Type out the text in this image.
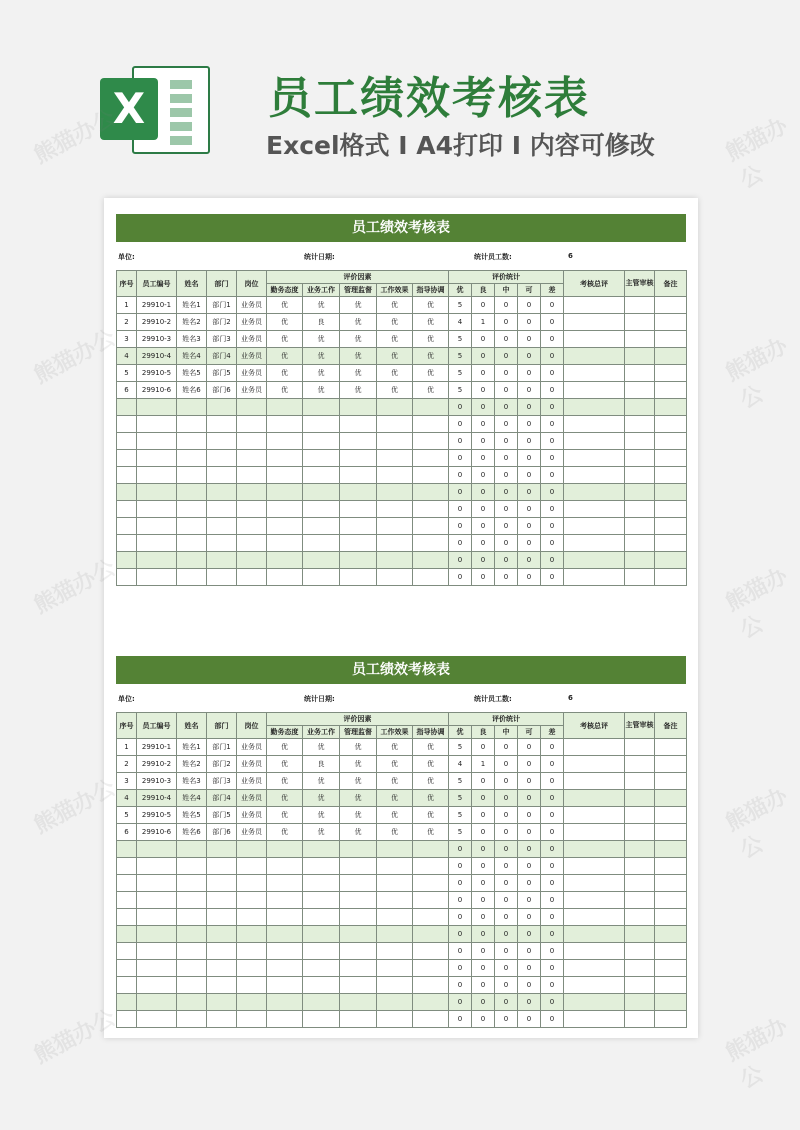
X	员工绩效考核表
Excel格式 I A4打印 I 内容可修改
熊猫办公	熊猫办公
熊猫办公	熊猫办公
熊猫办公	熊猫办公
熊猫办公	熊猫办公
熊猫办公	熊猫办公
员工绩效考核表
单位:	统计日期:	统计员工数:	6
序号	员工编号	姓名	部门	岗位	评价因素					评价统计					考核总评	主管审核	备注
					勤务态度	业务工作	管理监督	工作效果	指导协调	优	良	中	可	差			
1	29910-1	姓名1	部门1	业务员	优	优	优	优	优	5	0	0	0	0			
2	29910-2	姓名2	部门2	业务员	优	良	优	优	优	4	1	0	0	0			
3	29910-3	姓名3	部门3	业务员	优	优	优	优	优	5	0	0	0	0			
4	29910-4	姓名4	部门4	业务员	优	优	优	优	优	5	0	0	0	0			
5	29910-5	姓名5	部门5	业务员	优	优	优	优	优	5	0	0	0	0			
6	29910-6	姓名6	部门6	业务员	优	优	优	优	优	5	0	0	0	0			
										0	0	0	0	0			
										0	0	0	0	0			
										0	0	0	0	0			
										0	0	0	0	0			
										0	0	0	0	0			
										0	0	0	0	0			
										0	0	0	0	0			
										0	0	0	0	0			
										0	0	0	0	0			
										0	0	0	0	0			
										0	0	0	0	0			
员工绩效考核表
单位:	统计日期:	统计员工数:	6
序号	员工编号	姓名	部门	岗位	评价因素					评价统计					考核总评	主管审核	备注
					勤务态度	业务工作	管理监督	工作效果	指导协调	优	良	中	可	差			
1	29910-1	姓名1	部门1	业务员	优	优	优	优	优	5	0	0	0	0			
2	29910-2	姓名2	部门2	业务员	优	良	优	优	优	4	1	0	0	0			
3	29910-3	姓名3	部门3	业务员	优	优	优	优	优	5	0	0	0	0			
4	29910-4	姓名4	部门4	业务员	优	优	优	优	优	5	0	0	0	0			
5	29910-5	姓名5	部门5	业务员	优	优	优	优	优	5	0	0	0	0			
6	29910-6	姓名6	部门6	业务员	优	优	优	优	优	5	0	0	0	0			
										0	0	0	0	0			
										0	0	0	0	0			
										0	0	0	0	0			
										0	0	0	0	0			
										0	0	0	0	0			
										0	0	0	0	0			
										0	0	0	0	0			
										0	0	0	0	0			
										0	0	0	0	0			
										0	0	0	0	0			
										0	0	0	0	0			
